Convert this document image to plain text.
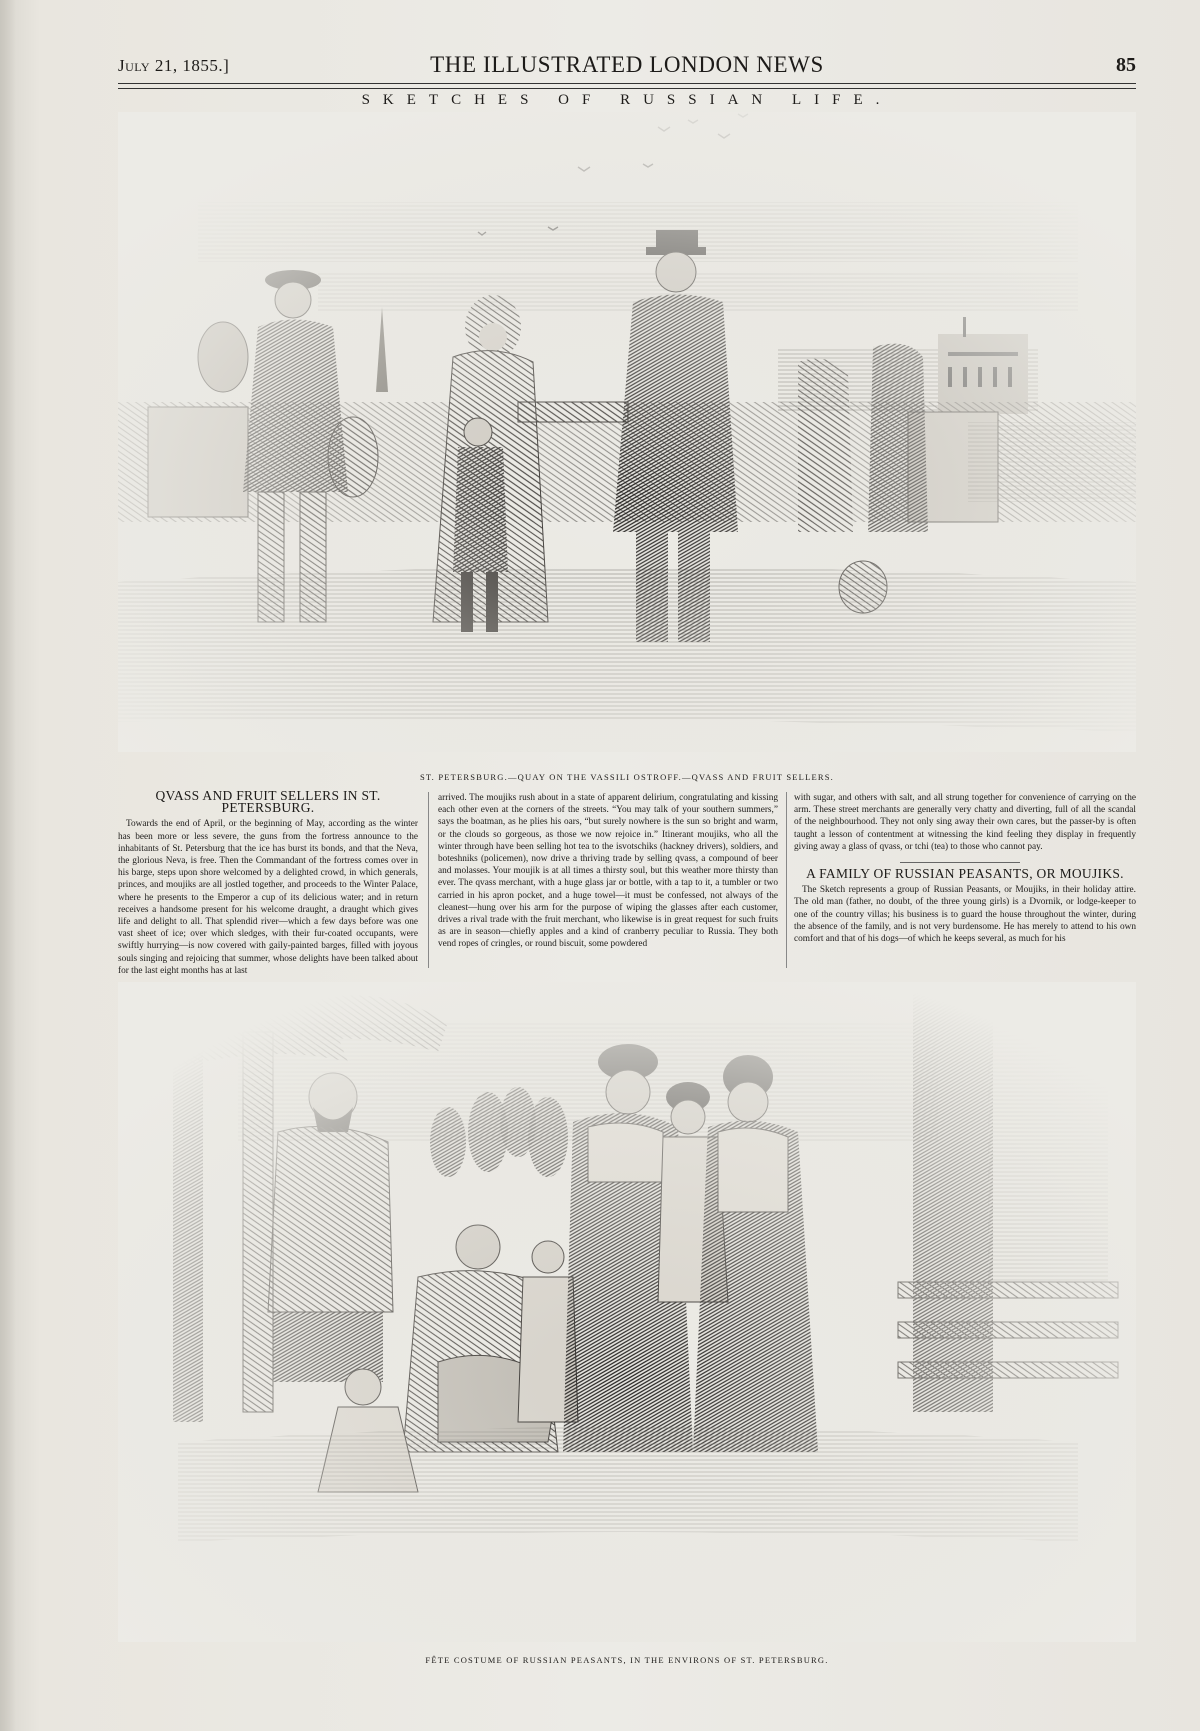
July 21, 1855.]	THE ILLUSTRATED LONDON NEWS	85
SKETCHES OF RUSSIAN LIFE.
ST. PETERSBURG.—QUAY ON THE VASSILI OSTROFF.—QVASS AND FRUIT SELLERS.
QVASS AND FRUIT SELLERS IN ST. PETERSBURG.

Towards the end of April, or the beginning of May, according as the winter has been more or less severe, the guns from the fortress announce to the inhabitants of St. Petersburg that the ice has burst its bonds, and that the Neva, the glorious Neva, is free. Then the Commandant of the fortress comes over in his barge, steps upon shore welcomed by a delighted crowd, in which generals, princes, and moujiks are all jostled together, and proceeds to the Winter Palace, where he presents to the Emperor a cup of its delicious water; and in return receives a handsome present for his welcome draught, a draught which gives life and delight to all. That splendid river—which a few days before was one vast sheet of ice; over which sledges, with their fur-coated occupants, were swiftly hurrying—is now covered with gaily-painted barges, filled with joyous souls singing and rejoicing that summer, whose delights have been talked about for the last eight months has at last

arrived. The moujiks rush about in a state of apparent delirium, congratulating and kissing each other even at the corners of the streets. “You may talk of your southern summers,” says the boatman, as he plies his oars, “but surely nowhere is the sun so bright and warm, or the clouds so gorgeous, as those we now rejoice in.” Itinerant moujiks, who all the winter through have been selling hot tea to the isvotschiks (hackney drivers), soldiers, and boteshniks (policemen), now drive a thriving trade by selling qvass, a compound of beer and molasses. Your moujik is at all times a thirsty soul, but this weather more thirsty than ever. The qvass merchant, with a huge glass jar or bottle, with a tap to it, a tumbler or two carried in his apron pocket, and a huge towel—it must be confessed, not always of the cleanest—hung over his arm for the purpose of wiping the glasses after each customer, drives a rival trade with the fruit merchant, who likewise is in great request for such fruits as are in season—chiefly apples and a kind of cranberry peculiar to Russia. They both vend ropes of cringles, or round biscuit, some powdered

with sugar, and others with salt, and all strung together for convenience of carrying on the arm. These street merchants are generally very chatty and diverting, full of all the scandal of the neighbourhood. They not only sing away their own cares, but the passer-by is often taught a lesson of contentment at witnessing the kind feeling they display in frequently giving away a glass of qvass, or tchi (tea) to those who cannot pay.

A FAMILY OF RUSSIAN PEASANTS, OR MOUJIKS.

The Sketch represents a group of Russian Peasants, or Moujiks, in their holiday attire. The old man (father, no doubt, of the three young girls) is a Dvornik, or lodge-keeper to one of the country villas; his business is to guard the house throughout the winter, during the absence of the family, and is not very burdensome. He has merely to attend to his own comfort and that of his dogs—of which he keeps several, as much for his

FÊTE COSTUME OF RUSSIAN PEASANTS, IN THE ENVIRONS OF ST. PETERSBURG.
